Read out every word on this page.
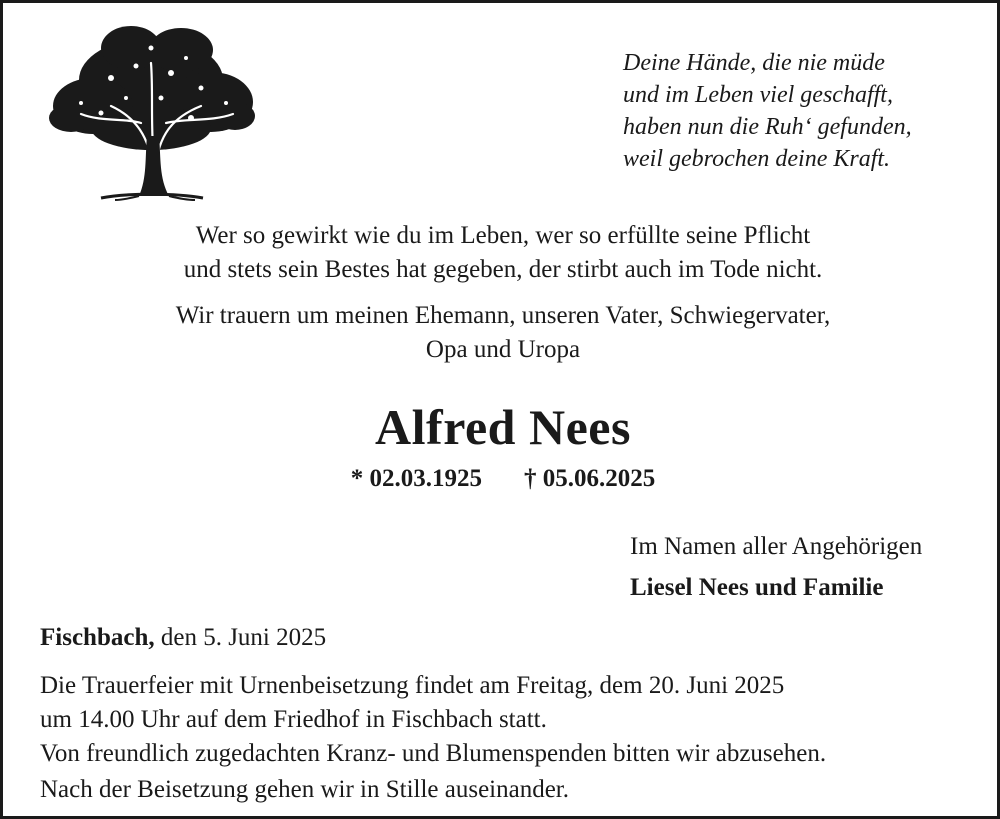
Deine Hände, die nie müde
und im Leben viel geschafft,
haben nun die Ruh‘ gefunden,
weil gebrochen deine Kraft.
Wer so gewirkt wie du im Leben, wer so erfüllte seine Pflicht
und stets sein Bestes hat gegeben, der stirbt auch im Tode nicht.
Wir trauern um meinen Ehemann, unseren Vater, Schwiegervater,
Opa und Uropa
Alfred Nees
* 02.03.1925 † 05.06.2025
Im Namen aller Angehörigen
Liesel Nees und Familie
Fischbach, den 5. Juni 2025
Die Trauerfeier mit Urnenbeisetzung findet am Freitag, dem 20. Juni 2025
um 14.00 Uhr auf dem Friedhof in Fischbach statt.
Von freundlich zugedachten Kranz- und Blumenspenden bitten wir abzusehen.
Nach der Beisetzung gehen wir in Stille auseinander.
